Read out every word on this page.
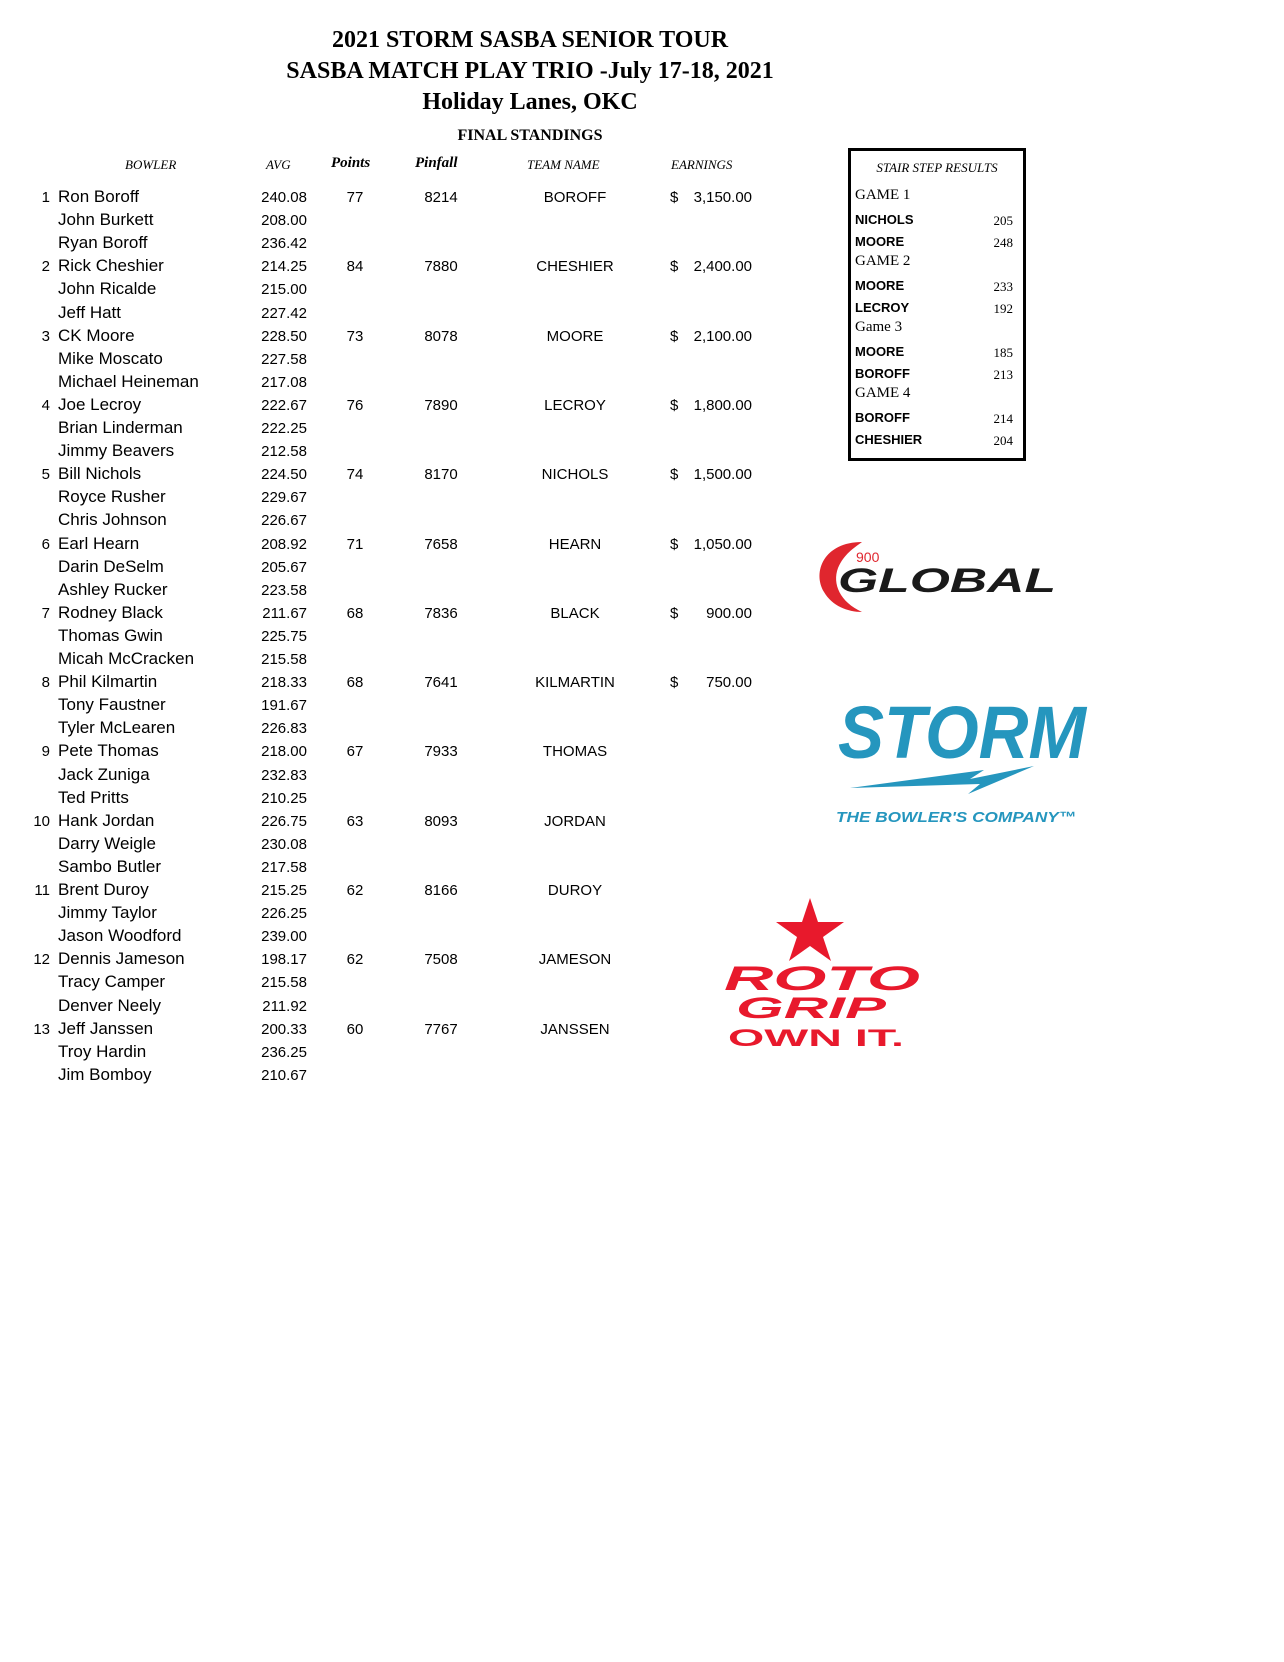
2021 STORM SASBA SENIOR TOUR
SASBA MATCH PLAY TRIO -July 17-18, 2021
Holiday Lanes, OKC
FINAL STANDINGS
BOWLER	AVG	Points	Pinfall	TEAM NAME	EARNINGS
1 Ron Boroff	240.08	77	8214	BOROFF	$	3,150.00
John Burkett	208.00
Ryan Boroff	236.42
2 Rick Cheshier	214.25	84	7880	CHESHIER	$	2,400.00
John Ricalde	215.00
Jeff Hatt	227.42
3 CK Moore	228.50	73	8078	MOORE	$	2,100.00
Mike Moscato	227.58
Michael Heineman	217.08
4 Joe Lecroy	222.67	76	7890	LECROY	$	1,800.00
Brian Linderman	222.25
Jimmy Beavers	212.58
5 Bill Nichols	224.50	74	8170	NICHOLS	$	1,500.00
Royce Rusher	229.67
Chris Johnson	226.67
6 Earl Hearn	208.92	71	7658	HEARN	$	1,050.00
Darin DeSelm	205.67
Ashley Rucker	223.58
7 Rodney Black	211.67	68	7836	BLACK	$	900.00
Thomas Gwin	225.75
Micah McCracken	215.58
8 Phil Kilmartin	218.33	68	7641	KILMARTIN	$	750.00
Tony Faustner	191.67
Tyler McLearen	226.83
9 Pete Thomas	218.00	67	7933	THOMAS
Jack Zuniga	232.83
Ted Pritts	210.25
10 Hank Jordan	226.75	63	8093	JORDAN
Darry Weigle	230.08
Sambo Butler	217.58
11 Brent Duroy	215.25	62	8166	DUROY
Jimmy Taylor	226.25
Jason Woodford	239.00
12 Dennis Jameson	198.17	62	7508	JAMESON
Tracy Camper	215.58
Denver Neely	211.92
13 Jeff Janssen	200.33	60	7767	JANSSEN
Troy Hardin	236.25
Jim Bomboy	210.67
STAIR STEP RESULTS
GAME 1
NICHOLS	205
MOORE	248
GAME 2
MOORE	233
LECROY	192
Game 3
MOORE	185
BOROFF	213
GAME 4
BOROFF	214
CHESHIER	204
900
GLOBAL
STORM
THE BOWLER'S COMPANY™
ROTO
GRIP
OWN IT.
